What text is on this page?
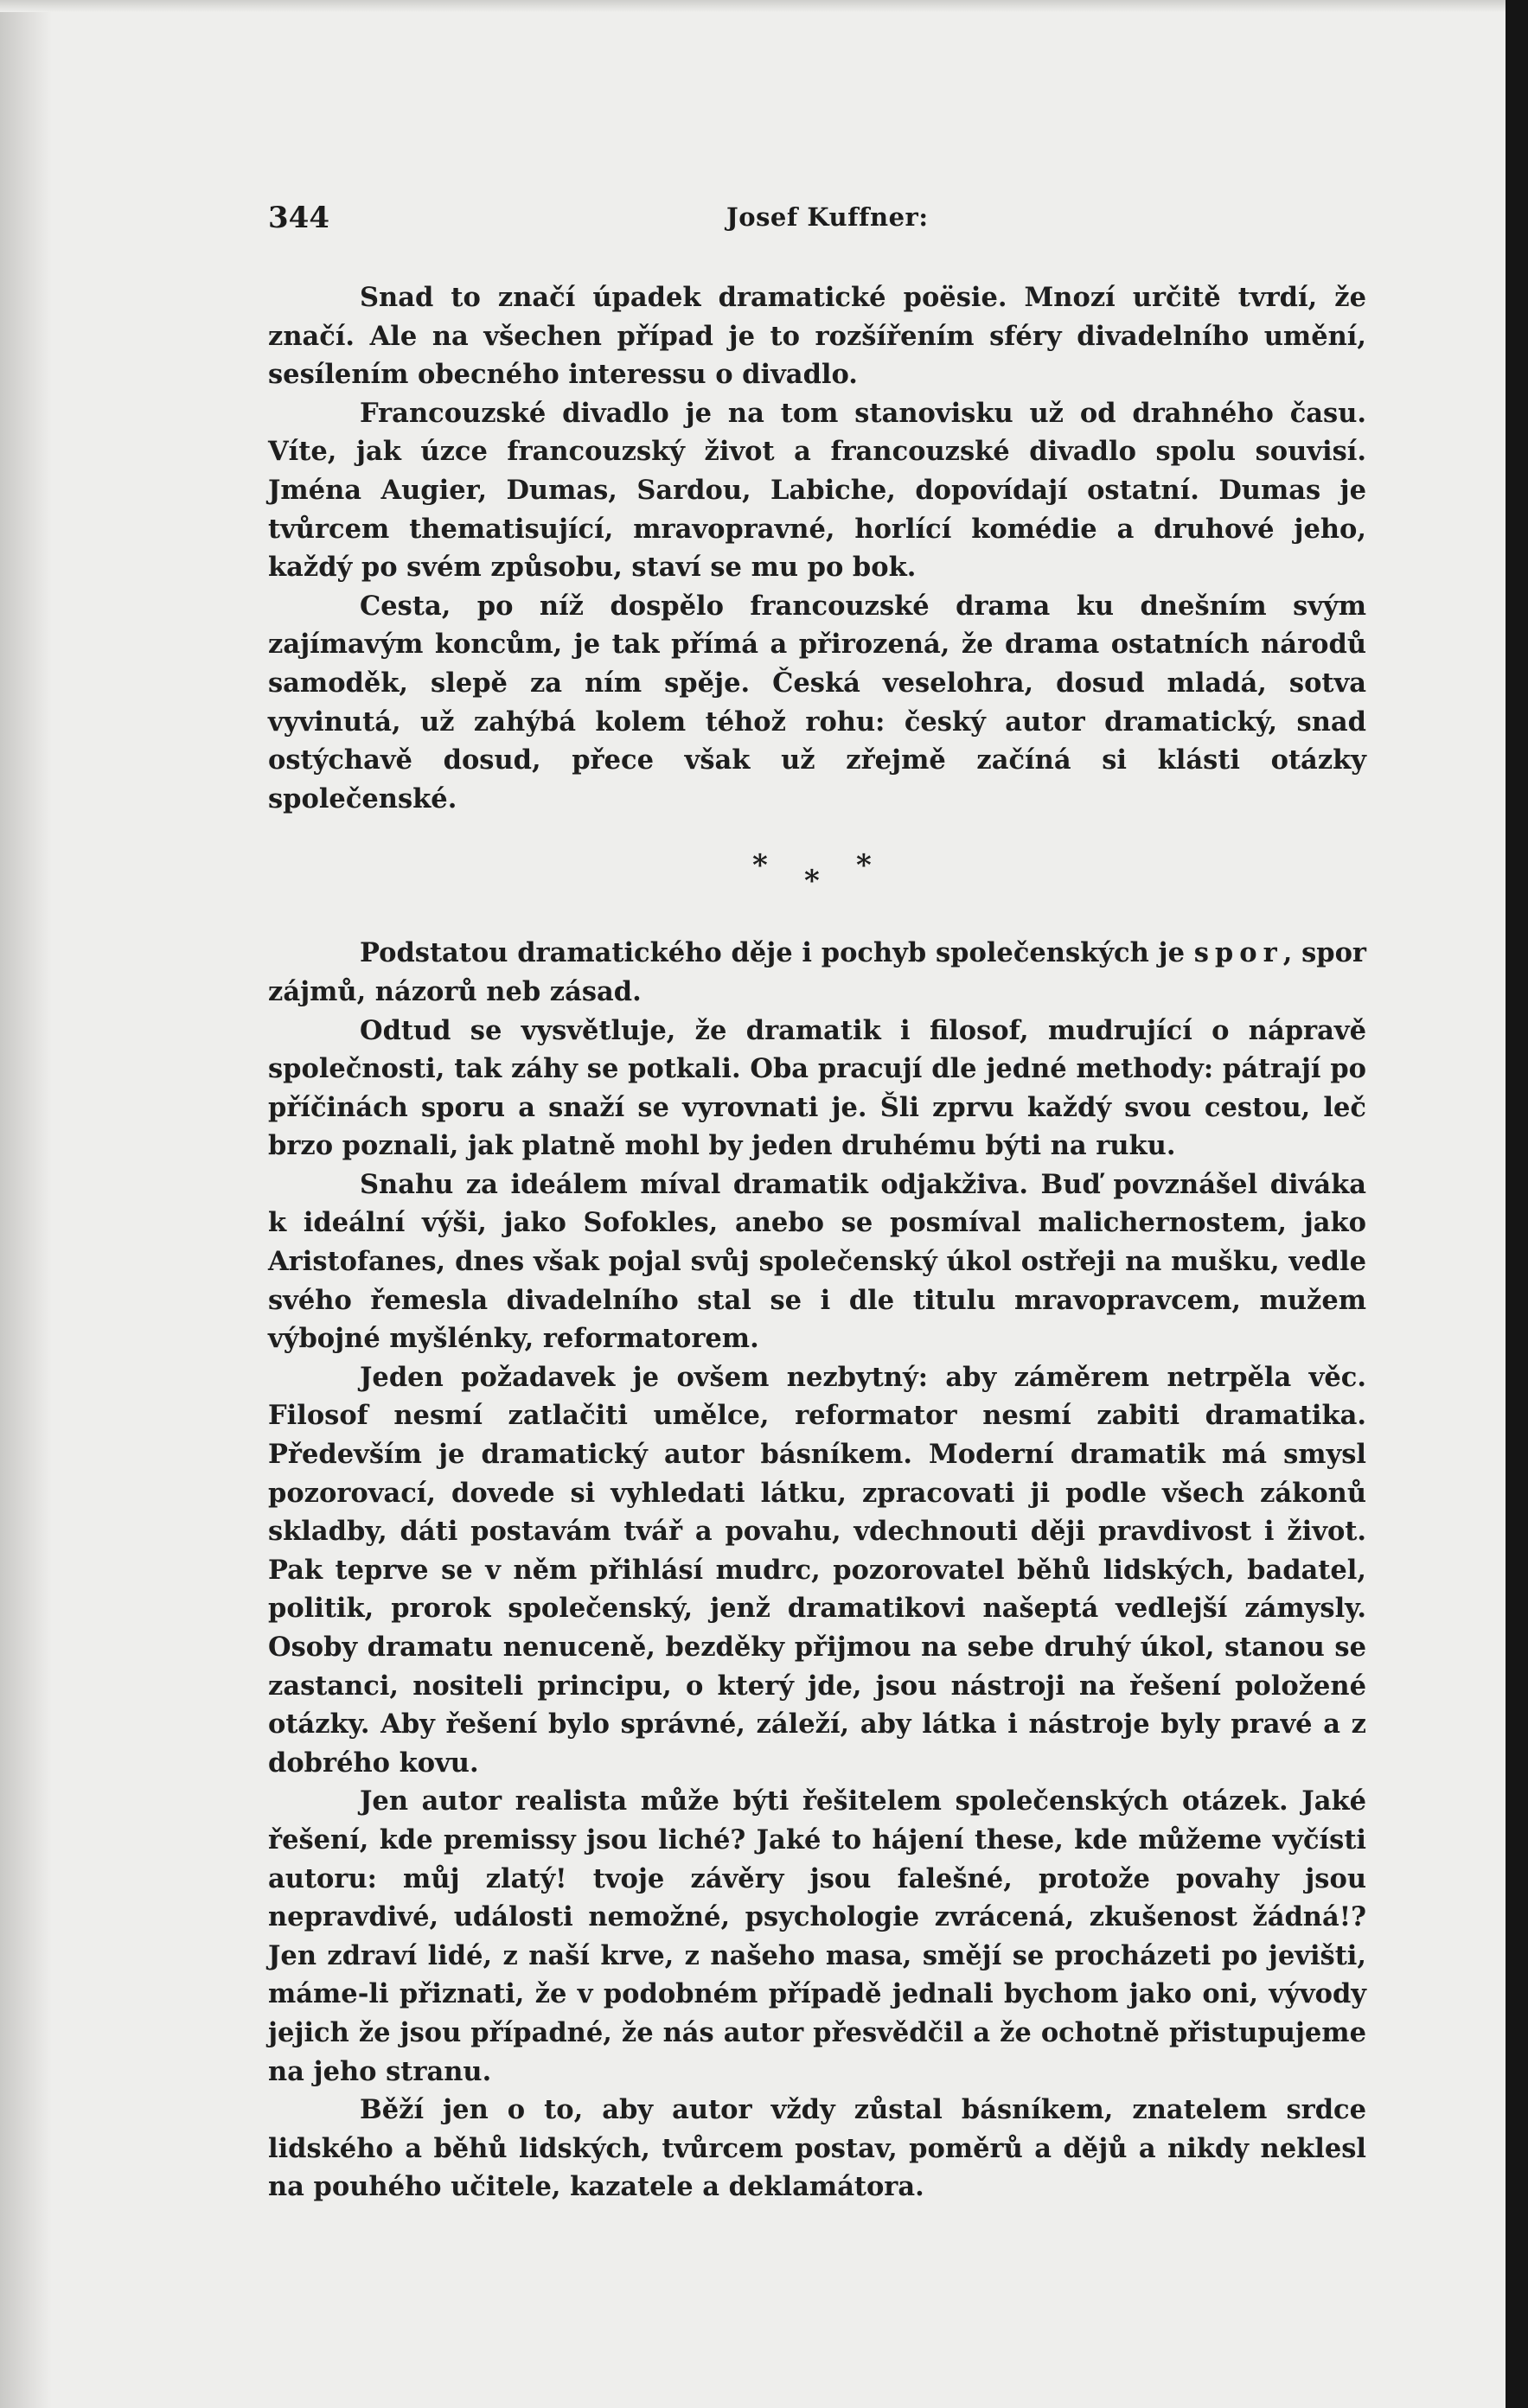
344	Josef Kuffner:

Snad to značí úpadek dramatické poësie. Mnozí určitě tvrdí, že značí. Ale na všechen případ je to rozšířením sféry divadelního umění, sesílením obecného interessu o divadlo.

Francouzské divadlo je na tom stanovisku už od drahného času. Víte, jak úzce francouzský život a francouzské divadlo spolu souvisí. Jména Augier, Dumas, Sardou, Labiche, dopovídají ostatní. Dumas je tvůrcem thematisující, mravopravné, horlící komédie a druhové jeho, každý po svém způsobu, staví se mu po bok.

Cesta, po níž dospělo francouzské drama ku dnešním svým zajímavým koncům, je tak přímá a přirozená, že drama ostatních národů samoděk, slepě za ním spěje. Česká veselohra, dosud mladá, sotva vyvinutá, už zahýbá kolem téhož rohu: český autor dramatický, snad ostýchavě dosud, přece však už zřejmě začíná si klásti otázky společenské.

* * *

Podstatou dramatického děje i pochyb společenských je spor, spor zájmů, názorů neb zásad.

Odtud se vysvětluje, že dramatik i filosof, mudrující o nápravě společnosti, tak záhy se potkali. Oba pracují dle jedné methody: pátrají po příčinách sporu a snaží se vyrovnati je. Šli zprvu každý svou cestou, leč brzo poznali, jak platně mohl by jeden druhému býti na ruku.

Snahu za ideálem míval dramatik odjakživa. Buď povznášel diváka k ideální výši, jako Sofokles, anebo se posmíval malichernostem, jako Aristofanes, dnes však pojal svůj společenský úkol ostřeji na mušku, vedle svého řemesla divadelního stal se i dle titulu mravopravcem, mužem výbojné myšlénky, reformatorem.

Jeden požadavek je ovšem nezbytný: aby záměrem netrpěla věc. Filosof nesmí zatlačiti umělce, reformator nesmí zabiti dramatika. Především je dramatický autor básníkem. Moderní dramatik má smysl pozorovací, dovede si vyhledati látku, zpracovati ji podle všech zákonů skladby, dáti postavám tvář a povahu, vdechnouti ději pravdivost i život. Pak teprve se v něm přihlásí mudrc, pozorovatel běhů lidských, badatel, politik, prorok společenský, jenž dramatikovi našeptá vedlejší zámysly. Osoby dramatu nenuceně, bezděky přijmou na sebe druhý úkol, stanou se zastanci, nositeli principu, o který jde, jsou nástroji na řešení položené otázky. Aby řešení bylo správné, záleží, aby látka i nástroje byly pravé a z dobrého kovu.

Jen autor realista může býti řešitelem společenských otázek. Jaké řešení, kde premissy jsou liché? Jaké to hájení these, kde můžeme vyčísti autoru: můj zlatý! tvoje závěry jsou falešné, protože povahy jsou nepravdivé, události nemožné, psychologie zvrácená, zkušenost žádná!? Jen zdraví lidé, z naší krve, z našeho masa, smějí se procházeti po jevišti, máme-li přiznati, že v podobném případě jednali bychom jako oni, vývody jejich že jsou případné, že nás autor přesvědčil a že ochotně přistupujeme na jeho stranu.

Běží jen o to, aby autor vždy zůstal básníkem, znatelem srdce lidského a běhů lidských, tvůrcem postav, poměrů a dějů a nikdy neklesl na pouhého učitele, kazatele a deklamátora.
